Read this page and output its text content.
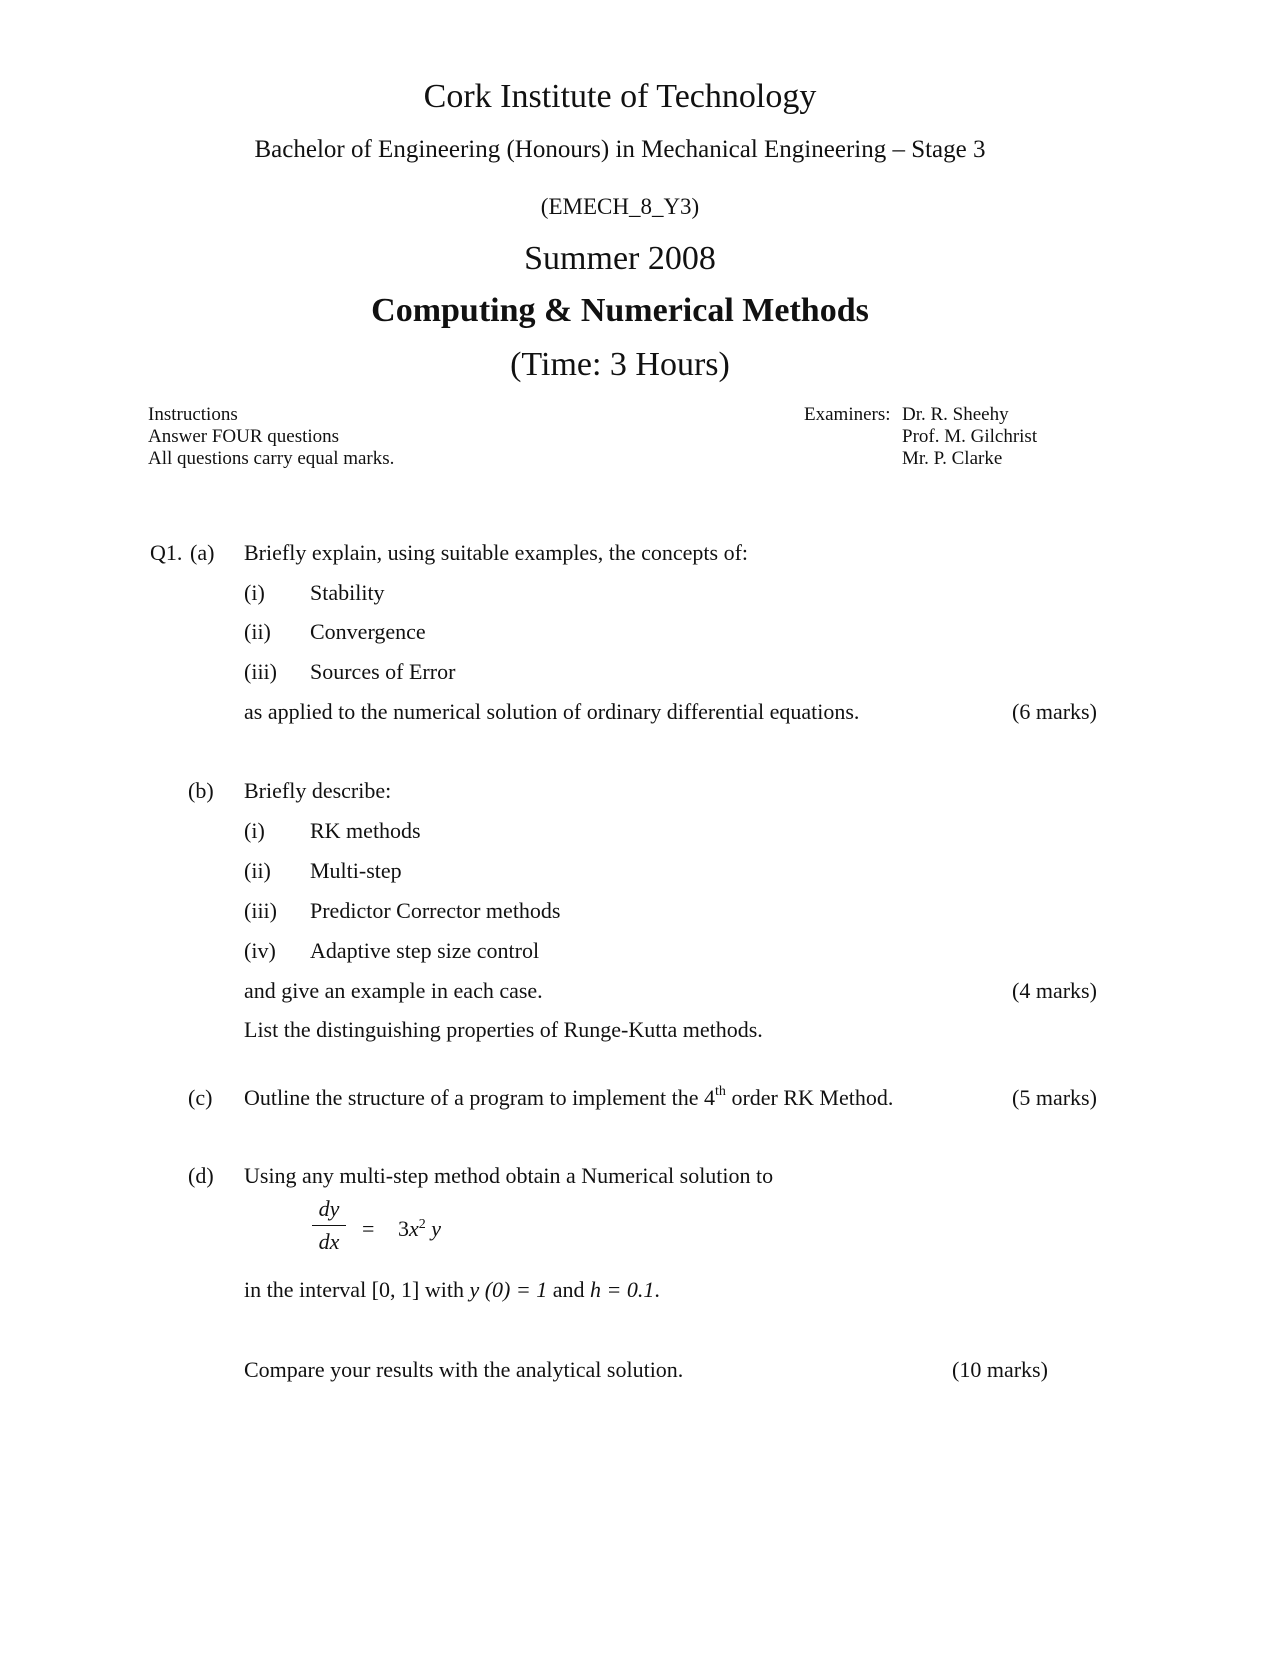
Cork Institute of Technology
Bachelor of Engineering (Honours) in Mechanical Engineering – Stage 3
(EMECH_8_Y3)
Summer 2008
Computing & Numerical Methods
(Time: 3 Hours)
Instructions
Answer FOUR questions
All questions carry equal marks.
Examiners: Dr. R. Sheehy
Prof. M. Gilchrist
Mr. P. Clarke
Q1. (a) Briefly explain, using suitable examples, the concepts of:
(i) Stability
(ii) Convergence
(iii) Sources of Error
as applied to the numerical solution of ordinary differential equations.	(6 marks)
(b) Briefly describe:
(i) RK methods
(ii) Multi-step
(iii) Predictor Corrector methods
(iv) Adaptive step size control
and give an example in each case.	(4 marks)
List the distinguishing properties of Runge-Kutta methods.
(c) Outline the structure of a program to implement the 4th order RK Method.	(5 marks)
(d) Using any multi-step method obtain a Numerical solution to
dy
dx
= $3x^2$ y
in the interval [0, 1] with y (0) = 1 and h = 0.1.
Compare your results with the analytical solution.	(10 marks)
